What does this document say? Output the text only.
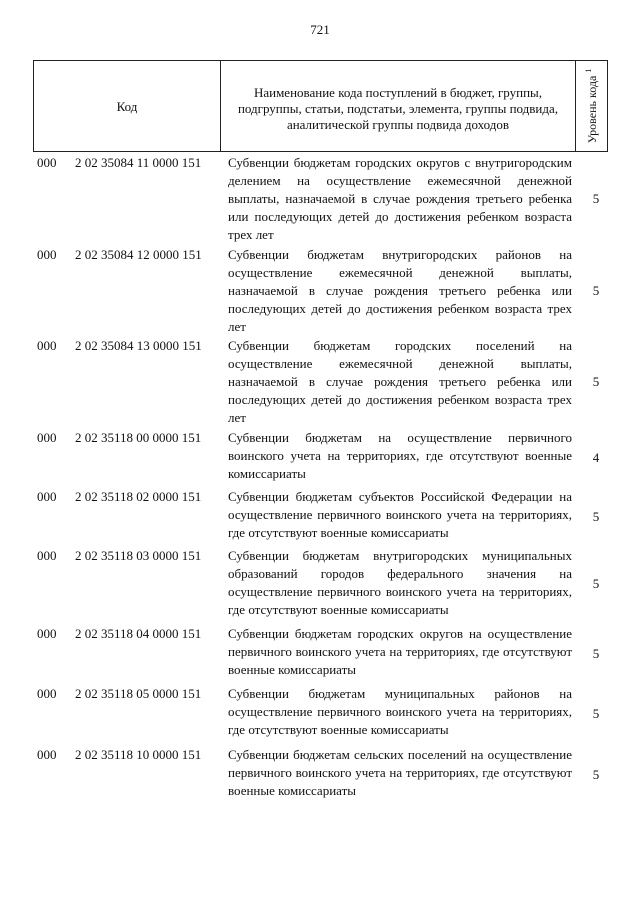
721
Код
Наименование кода поступлений в бюджет, группы, подгруппы, статьи, подстатьи, элемента, группы подвида, аналитической группы подвида доходов	Уровень кода $^1$
000 2 02 35084 11 0000 151 Субвенции бюджетам городских округов с внутригородским делением на осуществление ежемесячной денежной выплаты, назначаемой в случае рождения третьего ребенка или последующих детей до достижения ребенком возраста трех лет
5
000 2 02 35084 12 0000 151 Субвенции бюджетам внутригородских районов на осуществление ежемесячной денежной выплаты, назначаемой в случае рождения третьего ребенка или последующих детей до достижения ребенком возраста трех лет
5
000 2 02 35084 13 0000 151 Субвенции бюджетам городских поселений на осуществление ежемесячной денежной выплаты, назначаемой в случае рождения третьего ребенка или последующих детей до достижения ребенком возраста трех лет
5
000 2 02 35118 00 0000 151 Субвенции бюджетам на осуществление первичного воинского учета на территориях, где отсутствуют военные комиссариаты
4
000 2 02 35118 02 0000 151 Субвенции бюджетам субъектов Российской Федерации на осуществление первичного воинского учета на территориях, где отсутствуют военные комиссариаты
5
000 2 02 35118 03 0000 151 Субвенции бюджетам внутригородских муниципальных образований городов федерального значения на осуществление первичного воинского учета на территориях, где отсутствуют военные комиссариаты
5
000 2 02 35118 04 0000 151 Субвенции бюджетам городских округов на осуществление первичного воинского учета на территориях, где отсутствуют военные комиссариаты
5
000 2 02 35118 05 0000 151 Субвенции бюджетам муниципальных районов на осуществление первичного воинского учета на территориях, где отсутствуют военные комиссариаты
5
000 2 02 35118 10 0000 151 Субвенции бюджетам сельских поселений на осуществление первичного воинского учета на территориях, где отсутствуют военные комиссариаты
5
